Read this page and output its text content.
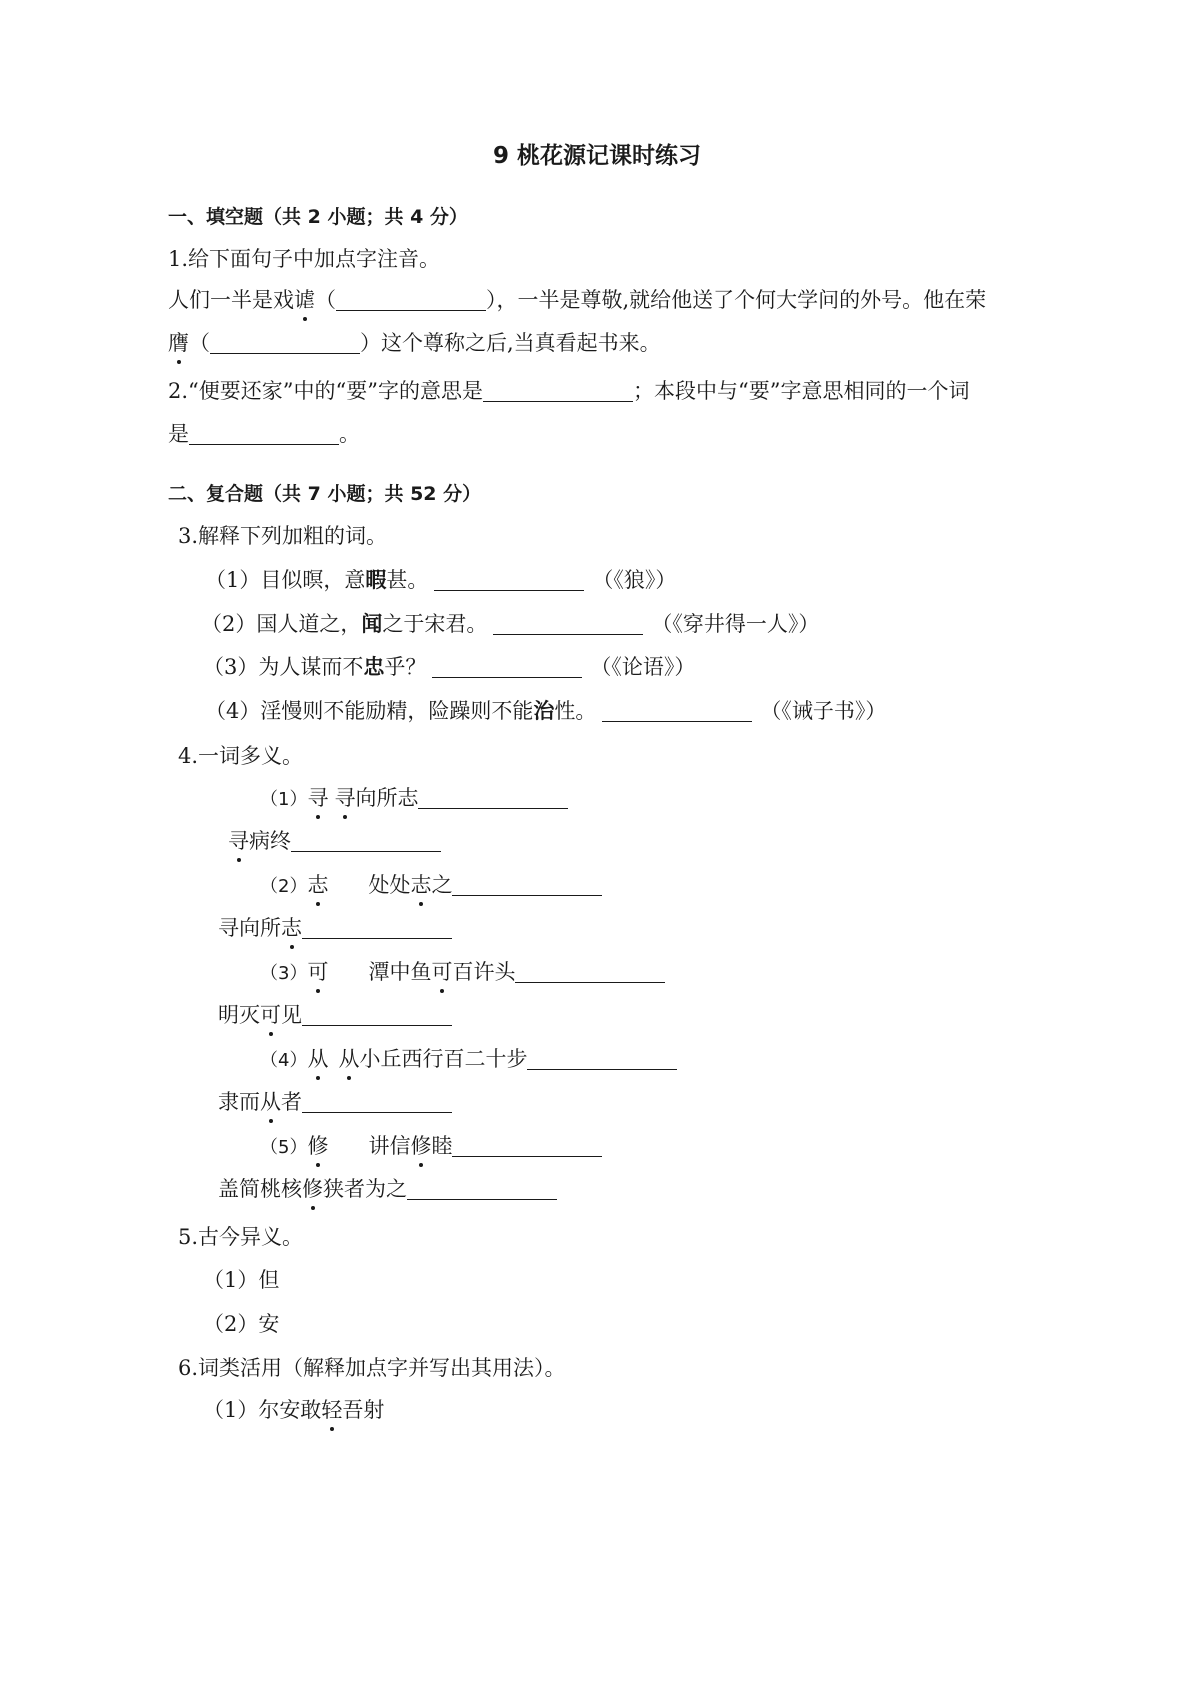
9 桃花源记课时练习
一、填空题（共 2 小题；共 4 分）
1.给下面句子中加点字注音。
人们一半是戏谑（	），一半是尊敬,就给他送了个何大学问的外号。他在荣
膺（	）这个尊称之后,当真看起书来。
2.“便要还家”中的“要”字的意思是	；本段中与“要”字意思相同的一个词
是	。
二、复合题（共 7 小题；共 52 分）
3.解释下列加粗的词。
（1）目似暝，意暇甚。	（《狼》）
（2）国人道之，闻之于宋君。	（《穿井得一人》）
（3）为人谋而不忠乎？	（《论语》）
（4）淫慢则不能励精，险躁则不能治性。	（《诫子书》）
4.一词多义。
（1）寻 寻向所志
寻病终
（2）志 处处志之
寻向所志
（3）可 潭中鱼可百许头
明灭可见
（4）从 从小丘西行百二十步
隶而从者
（5）修 讲信修睦
盖简桃核修狭者为之
5.古今异义。
（1）但
（2）安
6.词类活用（解释加点字并写出其用法）。
（1）尔安敢轻吾射
